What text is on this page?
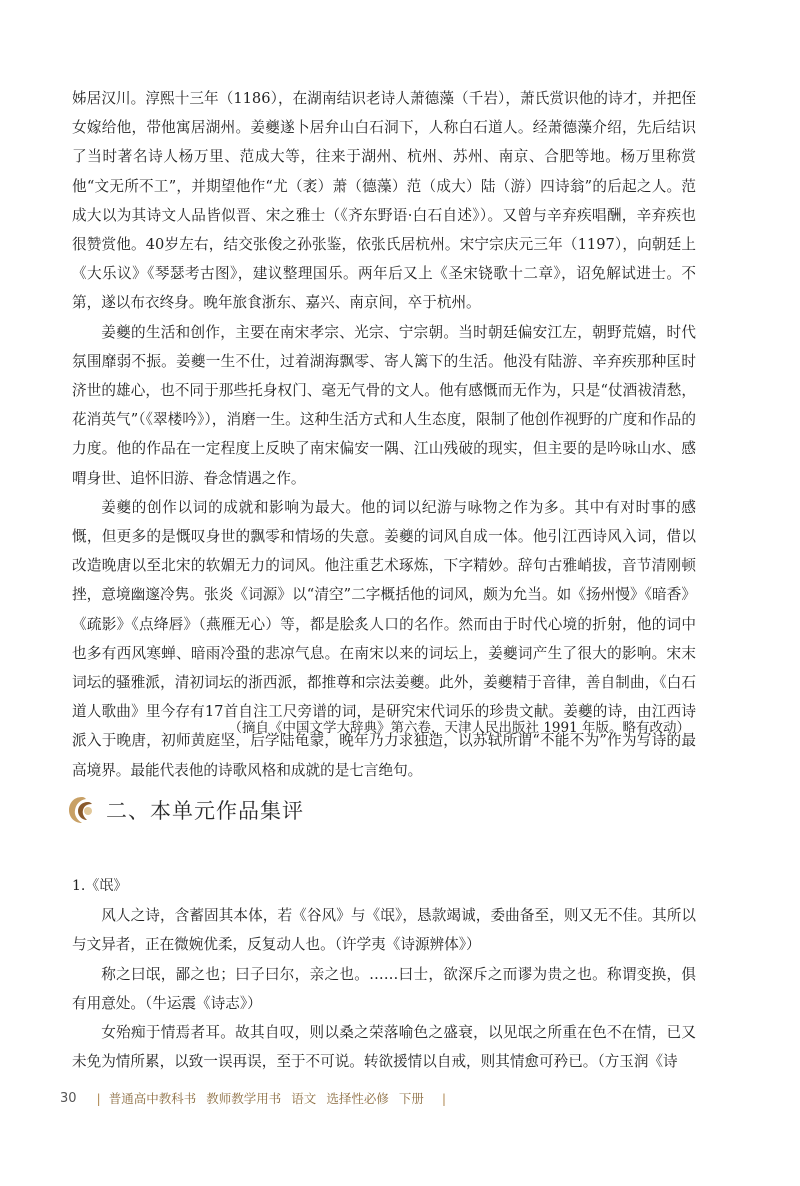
姊居汉川。淳熙十三年（1186），在湖南结识老诗人萧德藻（千岩），萧氏赏识他的诗才，并把侄女嫁给他，带他寓居湖州。姜夔遂卜居弁山白石洞下，人称白石道人。经萧德藻介绍，先后结识了当时著名诗人杨万里、范成大等，往来于湖州、杭州、苏州、南京、合肥等地。杨万里称赏他“文无所不工”，并期望他作“尤（袤）萧（德藻）范（成大）陆（游）四诗翁”的后起之人。范成大以为其诗文人品皆似晋、宋之雅士（《齐东野语·白石自述》）。又曾与辛弃疾唱酬，辛弃疾也很赞赏他。40岁左右，结交张俊之孙张鉴，依张氏居杭州。宋宁宗庆元三年（1197），向朝廷上《大乐议》《琴瑟考古图》，建议整理国乐。两年后又上《圣宋铙歌十二章》，诏免解试进士。不第，遂以布衣终身。晚年旅食浙东、嘉兴、南京间，卒于杭州。

姜夔的生活和创作，主要在南宋孝宗、光宗、宁宗朝。当时朝廷偏安江左，朝野荒嬉，时代氛围靡弱不振。姜夔一生不仕，过着湖海飘零、寄人篱下的生活。他没有陆游、辛弃疾那种匡时济世的雄心，也不同于那些托身权门、毫无气骨的文人。他有感慨而无作为，只是“仗酒祓清愁，花消英气”（《翠楼吟》），消磨一生。这种生活方式和人生态度，限制了他创作视野的广度和作品的力度。他的作品在一定程度上反映了南宋偏安一隅、江山残破的现实，但主要的是吟咏山水、感喟身世、追怀旧游、眷念情遇之作。

姜夔的创作以词的成就和影响为最大。他的词以纪游与咏物之作为多。其中有对时事的感慨，但更多的是慨叹身世的飘零和情场的失意。姜夔的词风自成一体。他引江西诗风入词，借以改造晚唐以至北宋的软媚无力的词风。他注重艺术琢炼，下字精妙。辞句古雅峭拔，音节清刚顿挫，意境幽邃冷隽。张炎《词源》以“清空”二字概括他的词风，颇为允当。如《扬州慢》《暗香》《疏影》《点绛唇》（燕雁无心）等，都是脍炙人口的名作。然而由于时代心境的折射，他的词中也多有西风寒蝉、暗雨冷蛩的悲凉气息。在南宋以来的词坛上，姜夔词产生了很大的影响。宋末词坛的骚雅派，清初词坛的浙西派，都推尊和宗法姜夔。此外，姜夔精于音律，善自制曲，《白石道人歌曲》里今存有17首自注工尺旁谱的词，是研究宋代词乐的珍贵文献。姜夔的诗，由江西诗派入于晚唐，初师黄庭坚，后学陆龟蒙，晚年乃力求独造，以苏轼所谓“不能不为”作为写诗的最高境界。最能代表他的诗歌风格和成就的是七言绝句。

（摘自《中国文学大辞典》第六卷，天津人民出版社 1991 年版。略有改动）
二、本单元作品集评

1.《氓》

风人之诗，含蓄固其本体，若《谷风》与《氓》，恳款竭诚，委曲备至，则又无不佳。其所以与文异者，正在微婉优柔，反复动人也。（许学夷《诗源辨体》）

称之曰氓，鄙之也；曰子曰尔，亲之也。……曰士，欲深斥之而谬为贵之也。称谓变换，俱有用意处。（牛运震《诗志》）

女殆痴于情焉者耳。故其自叹，则以桑之荣落喻色之盛衰，以见氓之所重在色不在情，已又未免为情所累，以致一误再误，至于不可说。转欲援情以自戒，则其情愈可矜已。（方玉润《诗

30 | 普通高中教科书 教师教学用书 语文 选择性必修 下册 |
